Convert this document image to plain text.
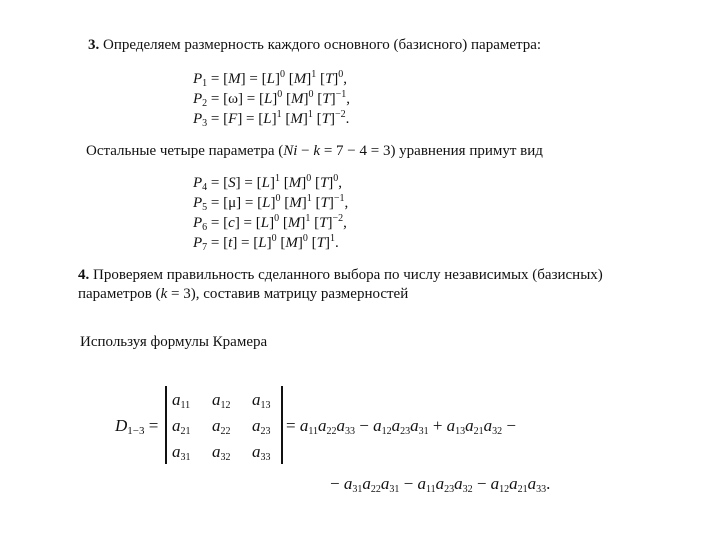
3. Определяем размерность каждого основного (базисного) параметра:
$P_1 = [M] = [L]^0$ $[M]^1$ $[T]^0$,
$P_2 = [\omega] = [L]^0$ $[M]^0$ $[T]^{-1}$,
$P_3 = [F] = [L]^1$ $[M]^1$ $[T]^{-2}$.
Остальные четыре параметра (Ni − k = 7 − 4 = 3) уравнения примут вид
$P_4 = [S] = [L]^1$ $[M]^0$ $[T]^0$,
$P_5 = [\mu] = [L]^0$ $[M]^1$ $[T]^{-1}$,
$P_6 = [c] = [L]^0$ $[M]^1$ $[T]^{-2}$,
$P_7 = [t] = [L]^0$ $[M]^0$ $[T]^1$.
4. Проверяем правильность сделанного выбора по числу независимых (базисных)
параметров (k = 3), составив матрицу размерностей
Используя формулы Крамера
$D_{1-3}$ =
$a_{11}$ $a_{12}$ $a_{13}$
$a_{21}$ $a_{22}$ $a_{23}$
$a_{31}$ $a_{32}$ $a_{33}$
= $a_{11}a_{22}a_{33} - a_{12}a_{23}a_{31} + a_{13}a_{21}a_{32}$ −
− $a_{31}a_{22}a_{31} - a_{11}a_{23}a_{32} - a_{12}a_{21}a_{33}$.
